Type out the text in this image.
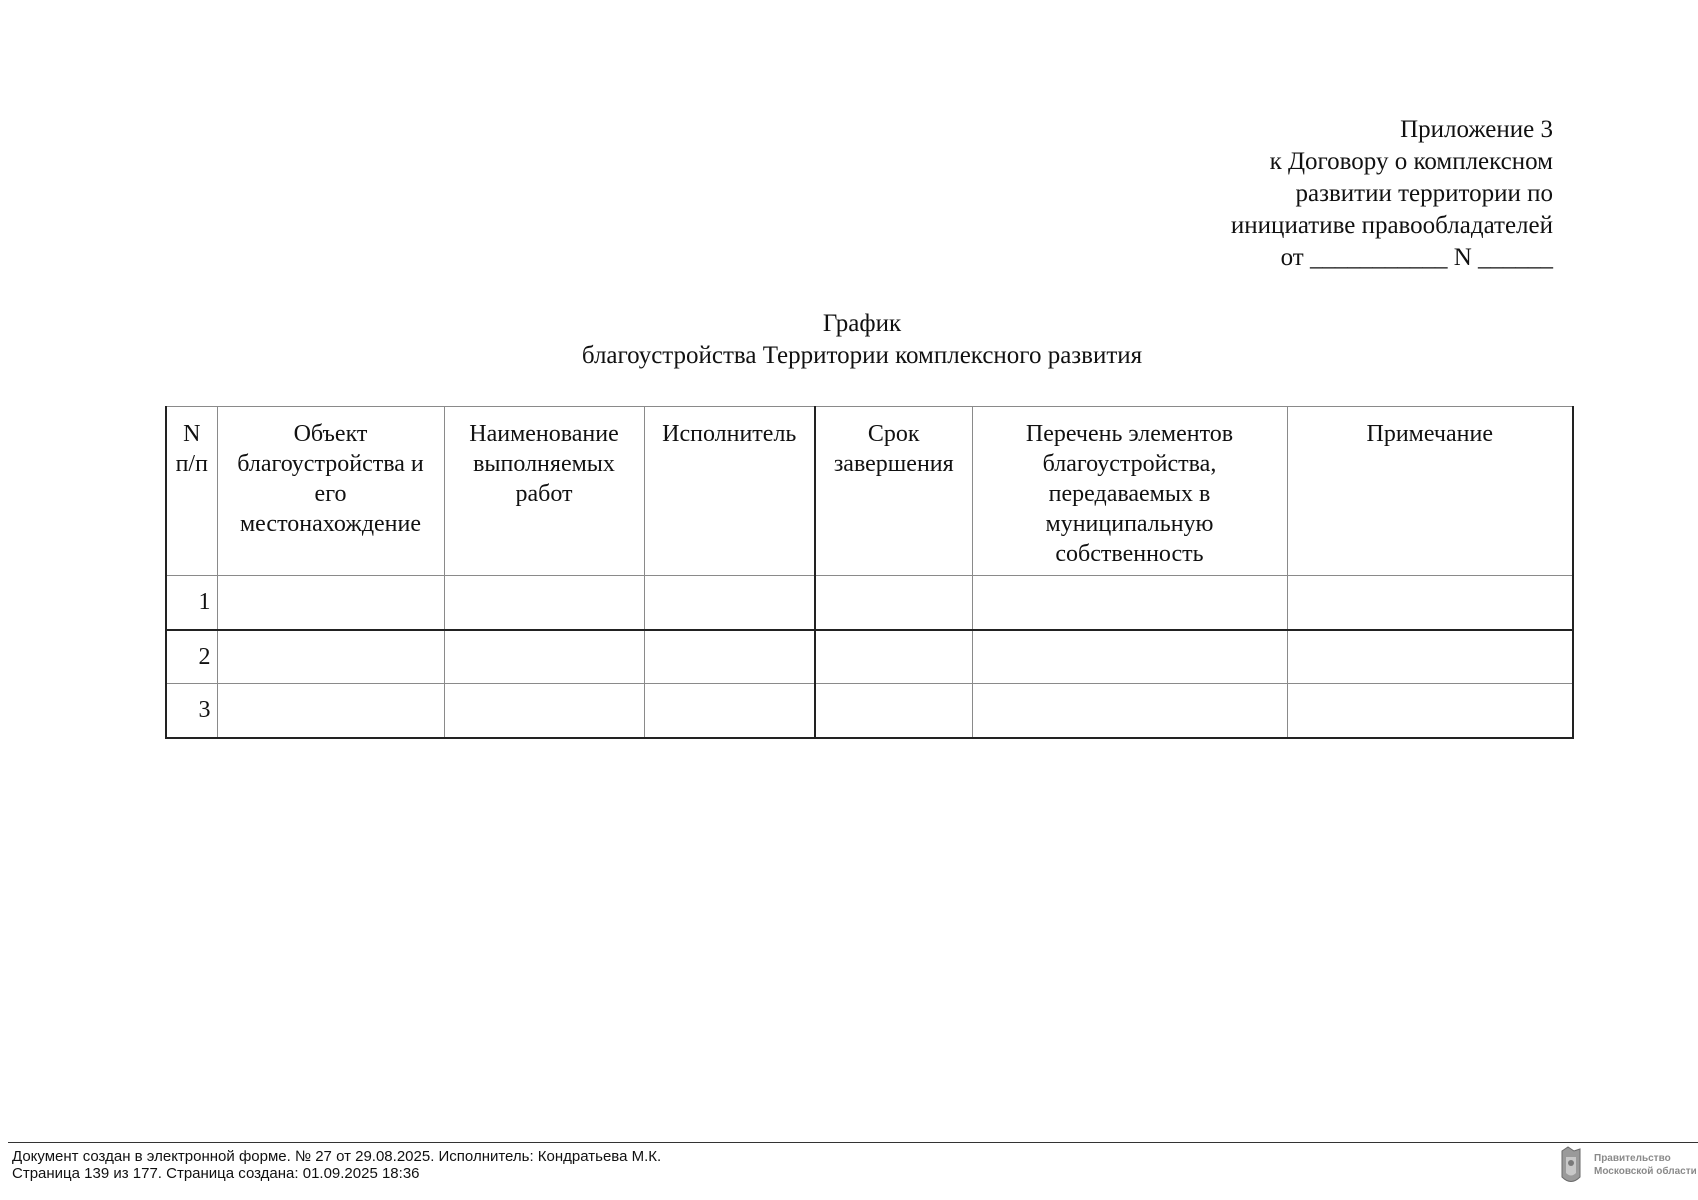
Приложение 3
к Договору о комплексном
развитии территории по
инициативе правообладателей
от ___________ N ______
График
благоустройства Территории комплексного развития
N п/п	Объект благоустройства и его местонахождение	Наименование выполняемых работ	Исполнитель	Срок завершения	Перечень элементов благоустройства, передаваемых в муниципальную собственность	Примечание
1						
2						
3						
Документ создан в электронной форме. № 27 от 29.08.2025. Исполнитель: Кондратьева М.К.
Страница 139 из 177. Страница создана: 01.09.2025 18:36
Правительство
Московской области
